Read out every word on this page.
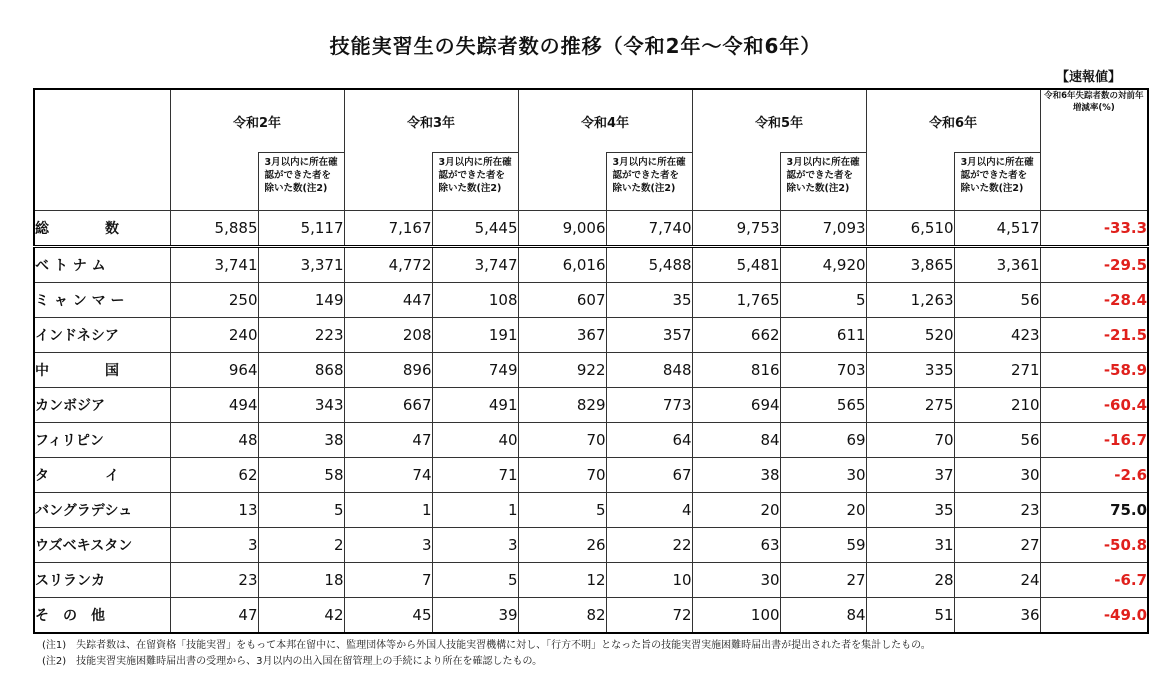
技能実習生の失踪者数の推移（令和2年～令和6年）
【速報値】
	令和2年		令和3年		令和4年		令和5年		令和6年		令和6年失踪者数の対前年増減率(%)
		3月以内に所在確認ができた者を除いた数(注2)		3月以内に所在確認ができた者を除いた数(注2)		3月以内に所在確認ができた者を除いた数(注2)		3月以内に所在確認ができた者を除いた数(注2)		3月以内に所在確認ができた者を除いた数(注2)	
総　　　　数	5,885	5,117	7,167	5,445	9,006	7,740	9,753	7,093	6,510	4,517	-33.3
ベ ト ナ ム	3,741	3,371	4,772	3,747	6,016	5,488	5,481	4,920	3,865	3,361	-29.5
ミ ャ ン マ ー	250	149	447	108	607	35	1,765	5	1,263	56	-28.4
インドネシア	240	223	208	191	367	357	662	611	520	423	-21.5
中　　　　国	964	868	896	749	922	848	816	703	335	271	-58.9
カンボジア	494	343	667	491	829	773	694	565	275	210	-60.4
フィリピン	48	38	47	40	70	64	84	69	70	56	-16.7
タ　　　　イ	62	58	74	71	70	67	38	30	37	30	-2.6
バングラデシュ	13	5	1	1	5	4	20	20	35	23	75.0
ウズベキスタン	3	2	3	3	26	22	63	59	31	27	-50.8
スリランカ	23	18	7	5	12	10	30	27	28	24	-6.7
そ　の　他	47	42	45	39	82	72	100	84	51	36	-49.0
(注1)　失踪者数は、在留資格「技能実習」をもって本邦在留中に、監理団体等から外国人技能実習機構に対し、「行方不明」となった旨の技能実習実施困難時届出書が提出された者を集計したもの。
(注2)　技能実習実施困難時届出書の受理から、3月以内の出入国在留管理上の手続により所在を確認したもの。
